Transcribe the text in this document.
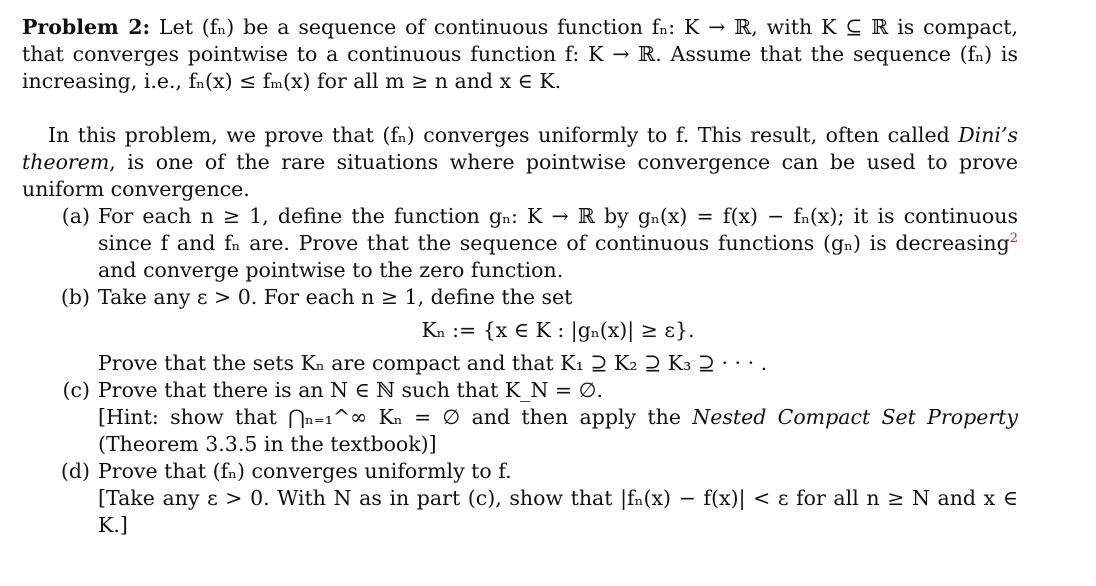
Problem 2: Let (fₙ) be a sequence of continuous function fₙ: K → ℝ, with K ⊆ ℝ is compact, that converges pointwise to a continuous function f: K → ℝ. Assume that the sequence (fₙ) is increasing, i.e., fₙ(x) ≤ fₘ(x) for all m ≥ n and x ∈ K.

In this problem, we prove that (fₙ) converges uniformly to f. This result, often called Dini’s theorem, is one of the rare situations where pointwise convergence can be used to prove uniform convergence.

(a) For each n ≥ 1, define the function gₙ: K → ℝ by gₙ(x) = f(x) − fₙ(x); it is continuous since f and fₙ are. Prove that the sequence of continuous functions (gₙ) is decreasing$^2$ and converge pointwise to the zero function.
(b) Take any ε > 0. For each n ≥ 1, define the set
Kₙ := {x ∈ K : |gₙ(x)| ≥ ε}.
Prove that the sets Kₙ are compact and that K₁ ⊇ K₂ ⊇ K₃ ⊇ · · · .
(c) Prove that there is an N ∈ ℕ such that K_N = ∅.
[Hint: show that ⋂ₙ₌₁^∞ Kₙ = ∅ and then apply the Nested Compact Set Property (Theorem 3.3.5 in the textbook)]
(d) Prove that (fₙ) converges uniformly to f.
[Take any ε > 0. With N as in part (c), show that |fₙ(x) − f(x)| < ε for all n ≥ N and x ∈ K.]
